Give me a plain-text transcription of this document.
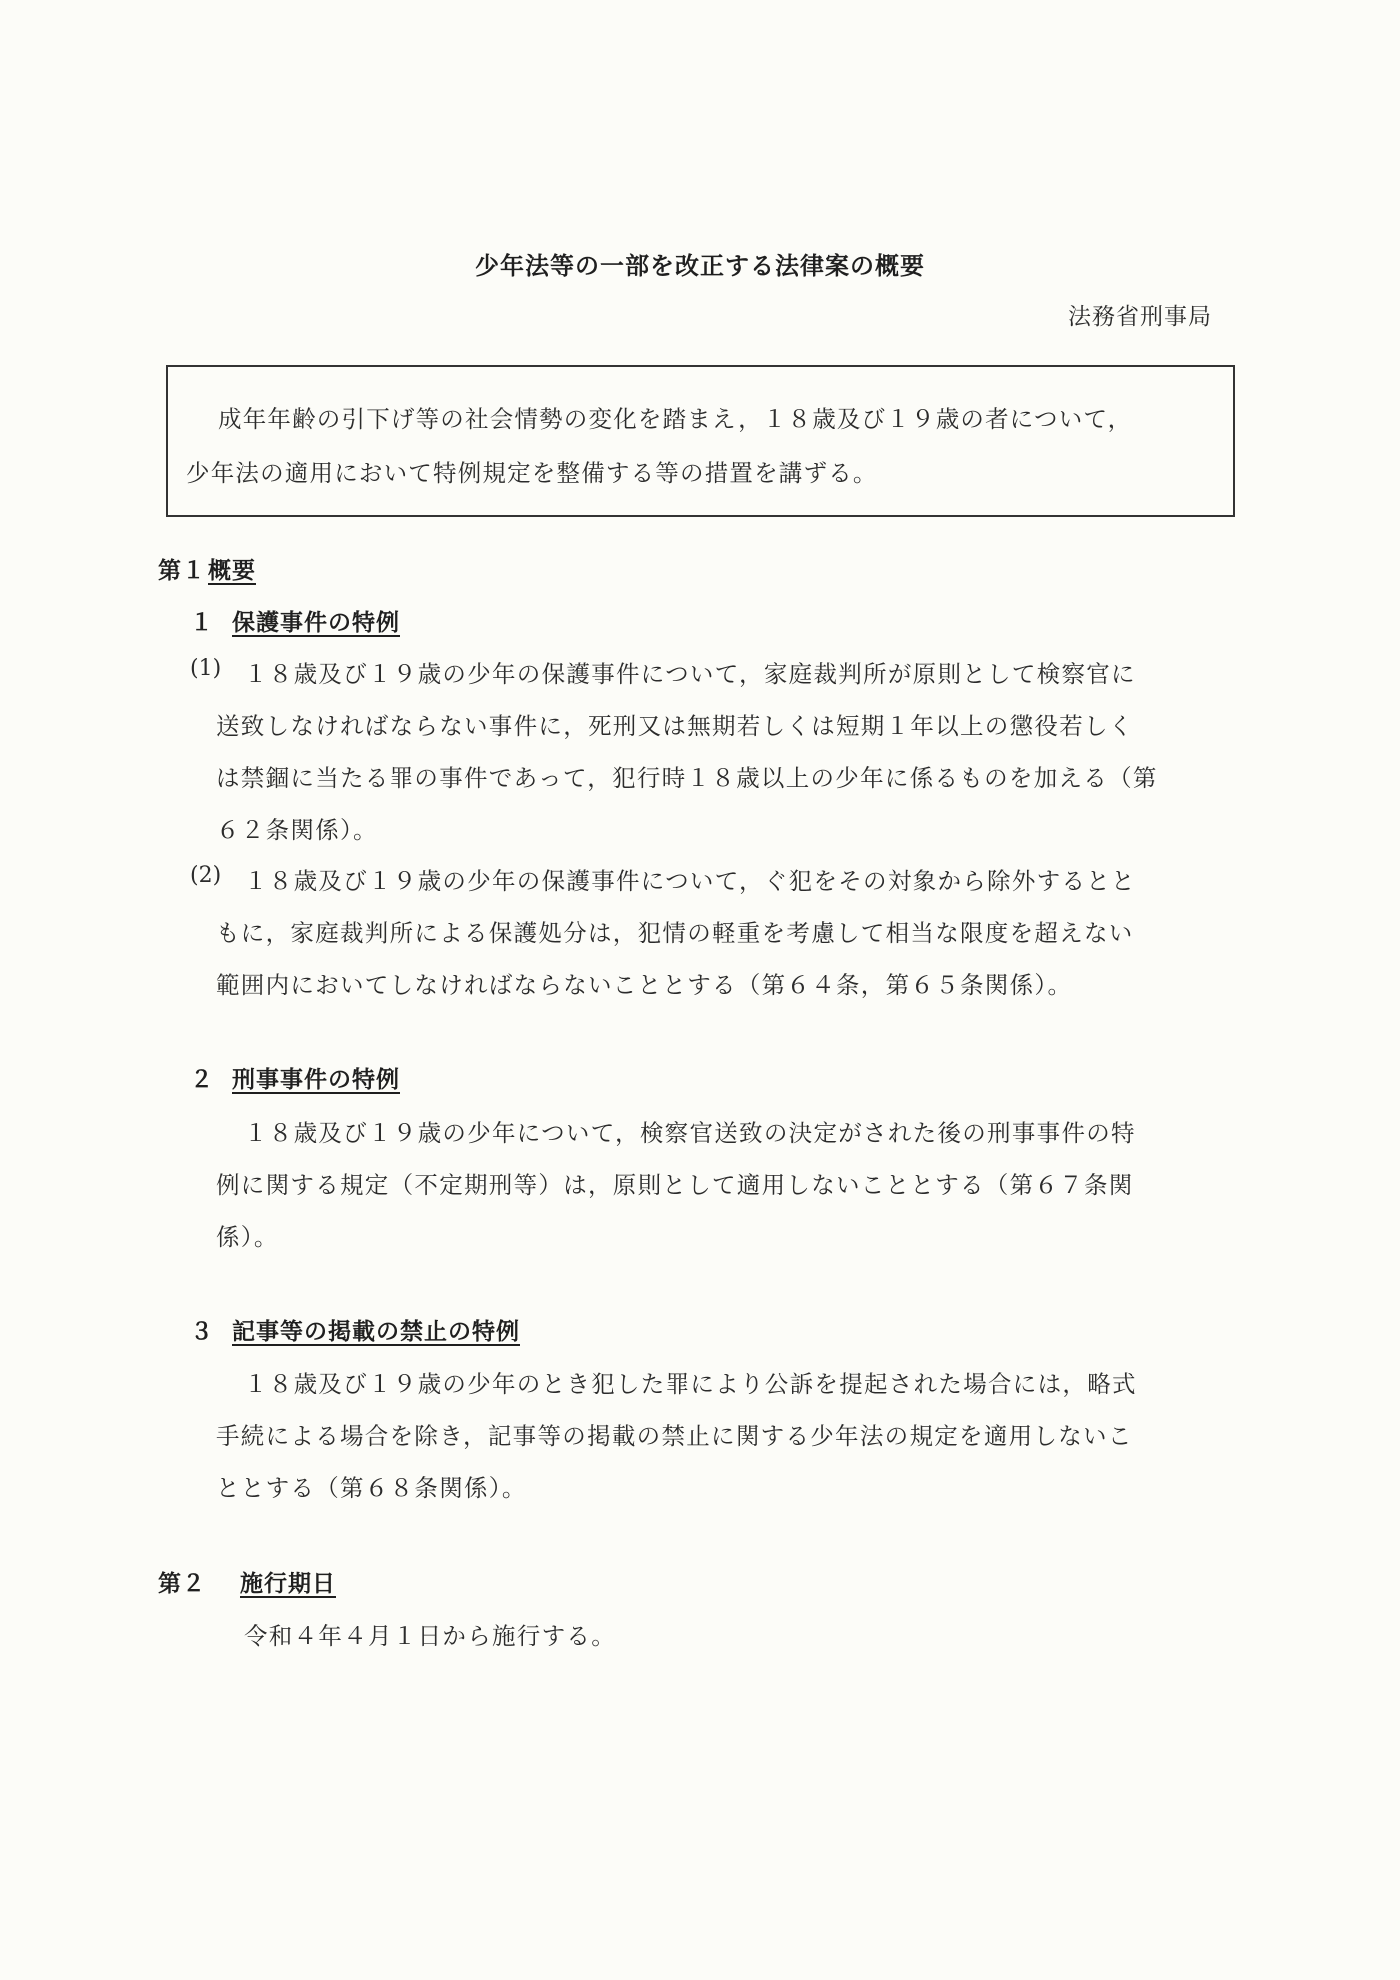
少年法等の一部を改正する法律案の概要
法務省刑事局
成年年齢の引下げ等の社会情勢の変化を踏まえ，１８歳及び１９歳の者について，
少年法の適用において特例規定を整備する等の措置を講ずる。
第１概要
１ 保護事件の特例
(1) １８歳及び１９歳の少年の保護事件について，家庭裁判所が原則として検察官に
送致しなければならない事件に，死刑又は無期若しくは短期１年以上の懲役若しく
は禁錮に当たる罪の事件であって，犯行時１８歳以上の少年に係るものを加える（第
６２条関係）。
(2) １８歳及び１９歳の少年の保護事件について，ぐ犯をその対象から除外するとと
もに，家庭裁判所による保護処分は，犯情の軽重を考慮して相当な限度を超えない
範囲内においてしなければならないこととする（第６４条，第６５条関係）。
２ 刑事事件の特例
１８歳及び１９歳の少年について，検察官送致の決定がされた後の刑事事件の特
例に関する規定（不定期刑等）は，原則として適用しないこととする（第６７条関
係）。
３ 記事等の掲載の禁止の特例
１８歳及び１９歳の少年のとき犯した罪により公訴を提起された場合には，略式
手続による場合を除き，記事等の掲載の禁止に関する少年法の規定を適用しないこ
ととする（第６８条関係）。
第２ 施行期日
令和４年４月１日から施行する。
